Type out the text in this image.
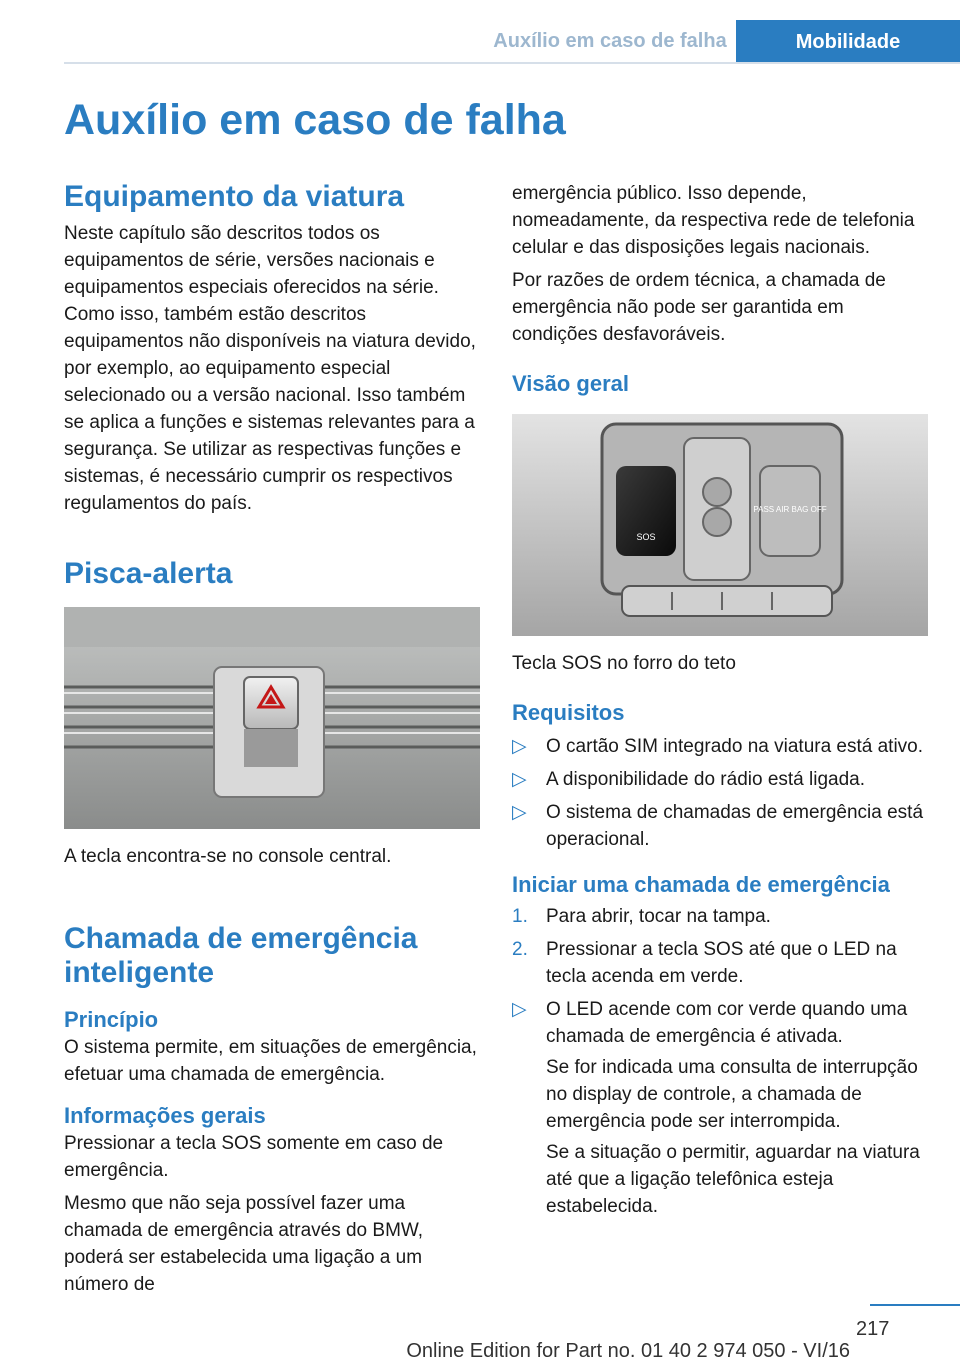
Auxílio em caso de falha	Mobilidade
Auxílio em caso de falha
Equipamento da viatura

Neste capítulo são descritos todos os equipamentos de série, versões nacionais e equipamentos especiais oferecidos na série. Como isso, também estão descritos equipamentos não disponíveis na viatura devido, por exemplo, ao equipamento especial selecionado ou a versão nacional. Isso também se aplica a funções e sistemas relevantes para a segurança. Se utilizar as respectivas funções e sistemas, é necessário cumprir os respectivos regulamentos do país.

Pisca-alerta

A tecla encontra-se no console central.

Chamada de emergência inteligente
Princípio

O sistema permite, em situações de emergência, efetuar uma chamada de emergência.

Informações gerais

Pressionar a tecla SOS somente em caso de emergência.

Mesmo que não seja possível fazer uma chamada de emergência através do BMW, poderá ser estabelecida uma ligação a um número de

emergência público. Isso depende, nomeadamente, da respectiva rede de telefonia celular e das disposições legais nacionais.

Por razões de ordem técnica, a chamada de emergência não pode ser garantida em condições desfavoráveis.

Visão geral
SOS
PASS AIR BAG OFF

Tecla SOS no forro do teto

Requisitos
▷ O cartão SIM integrado na viatura está ativo.
▷ A disponibilidade do rádio está ligada.
▷ O sistema de chamadas de emergência está operacional.
Iniciar uma chamada de emergência
1. Para abrir, tocar na tampa.
2. Pressionar a tecla SOS até que o LED na tecla acenda em verde.
▷ O LED acende com cor verde quando uma chamada de emergência é ativada.
Se for indicada uma consulta de interrupção no display de controle, a chamada de emergência pode ser interrompida.
Se a situação o permitir, aguardar na viatura até que a ligação telefônica esteja estabelecida.
217
Online Edition for Part no. 01 40 2 974 050 - VI/16
